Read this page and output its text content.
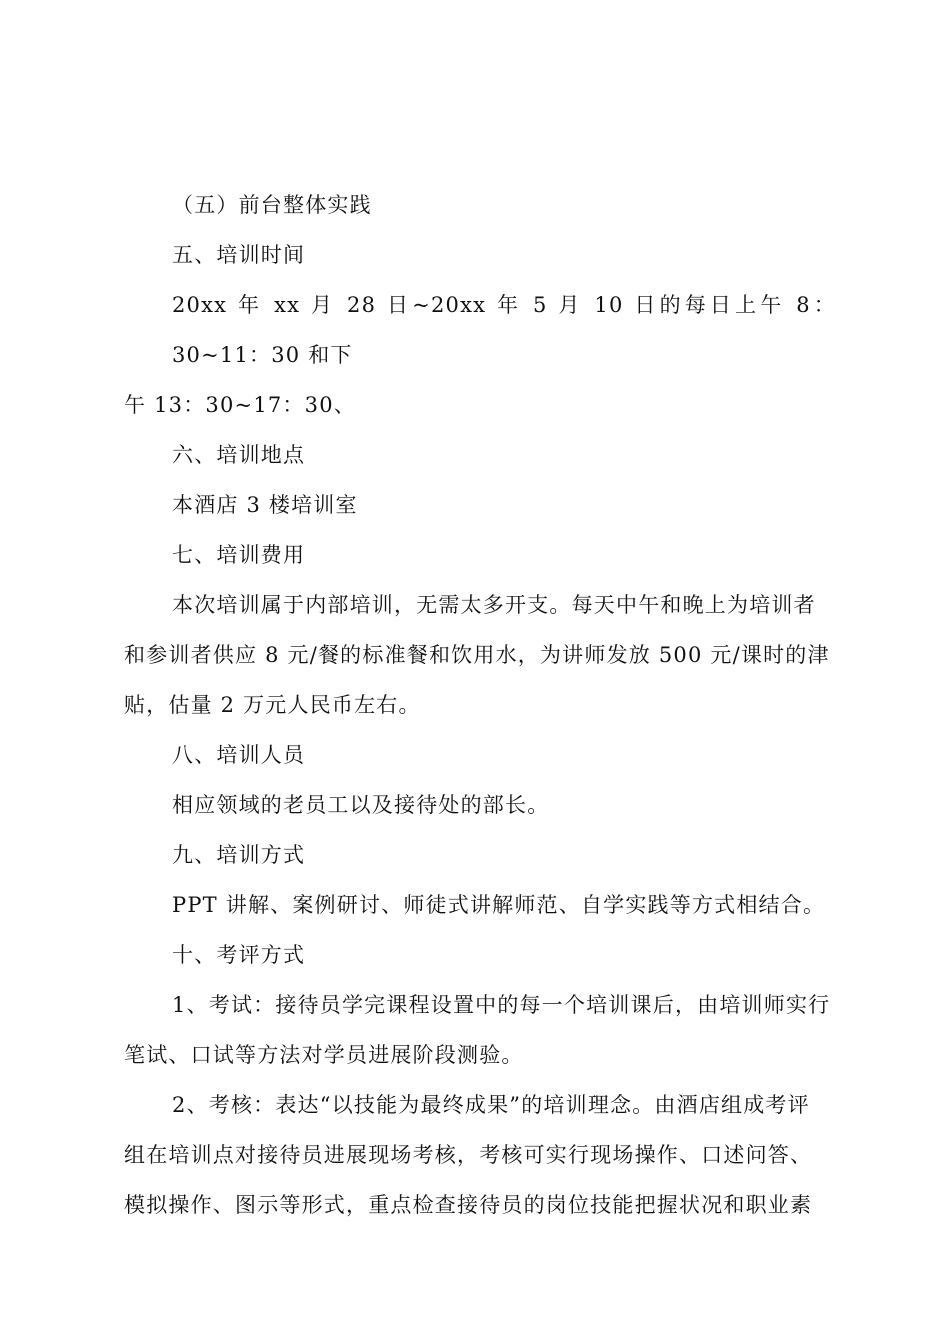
（五）前台整体实践

五、培训时间

20xx 年 xx 月 28 日~20xx 年 5 月 10 日的每日上午 8：30~11：30 和下
午 13：30~17：30、

六、培训地点

本酒店 3 楼培训室

七、培训费用

本次培训属于内部培训，无需太多开支。每天中午和晚上为培训者
和参训者供应 8 元/餐的标准餐和饮用水，为讲师发放 500 元/课时的津
贴，估量 2 万元人民币左右。

八、培训人员

相应领域的老员工以及接待处的部长。

九、培训方式

PPT 讲解、案例研讨、师徒式讲解师范、自学实践等方式相结合。

十、考评方式

1、考试：接待员学完课程设置中的每一个培训课后，由培训师实行
笔试、口试等方法对学员进展阶段测验。

2、考核：表达“以技能为最终成果”的培训理念。由酒店组成考评
组在培训点对接待员进展现场考核，考核可实行现场操作、口述问答、
模拟操作、图示等形式，重点检查接待员的岗位技能把握状况和职业素
